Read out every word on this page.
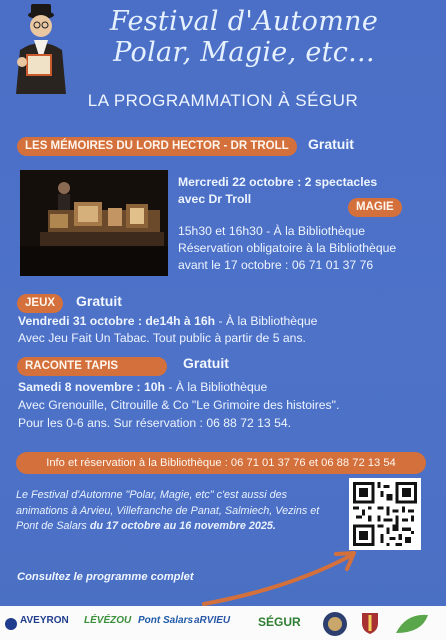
Festival d'Automne
Polar, Magie, etc...
LA PROGRAMMATION À SÉGUR
LES MÉMOIRES DU LORD HECTOR - DR TROLL	Gratuit
Mercredi 22 octobre : 2 spectacles
avec Dr Troll
MAGIE
15h30 et 16h30 - À la Bibliothèque
Réservation obligatoire à la Bibliothèque
avant le 17 octobre : 06 71 01 37 76
JEUX	Gratuit
Vendredi 31 octobre : de14h à 16h - À la Bibliothèque
Avec Jeu Fait Un Tabac. Tout public à partir de 5 ans.
RACONTE TAPIS	Gratuit
Samedi 8 novembre : 10h - À la Bibliothèque
Avec Grenouille, Citrouille & Co "Le Grimoire des histoires".
Pour les 0-6 ans. Sur réservation : 06 88 72 13 54.
Info et réservation à la Bibliothèque : 06 71 01 37 76 et 06 88 72 13 54
Le Festival d'Automne "Polar, Magie, etc" c'est aussi des animations à Arvieu, Villefranche de Panat, Salmiech, Vezins et Pont de Salars du 17 octobre au 16 novembre 2025.
Consultez le programme complet
AVEYRON LÉVÉZOU Pont Salars aRVIEU SÉGUR
